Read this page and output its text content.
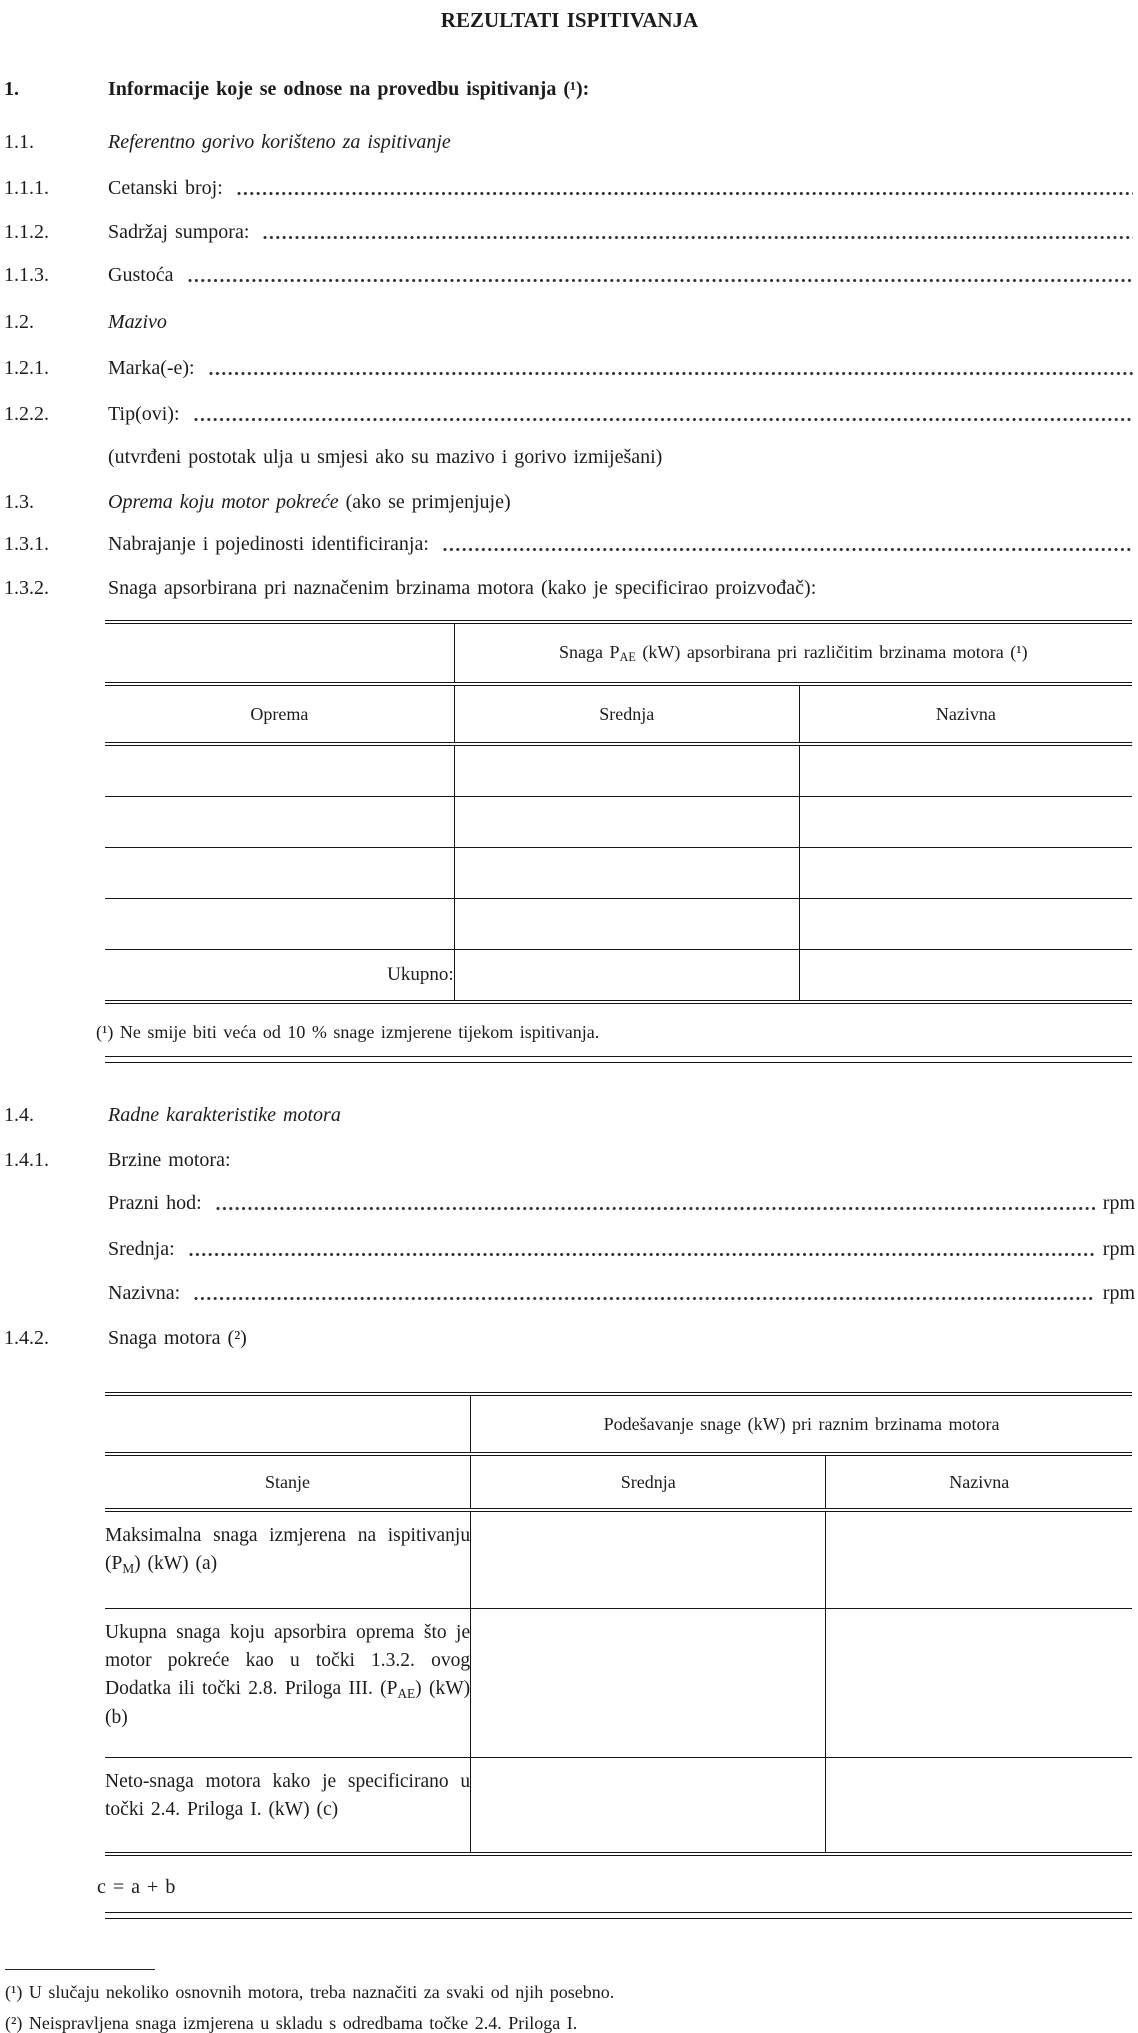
REZULTATI ISPITIVANJA
1.	Informacije koje se odnose na provedbu ispitivanja (¹):
1.1.	Referentno gorivo korišteno za ispitivanje
1.1.1.	Cetanski broj:
1.1.2.	Sadržaj sumpora:
1.1.3.	Gustoća
1.2.	Mazivo
1.2.1.	Marka(-e):
1.2.2.	Tip(ovi):
(utvrđeni postotak ulja u smjesi ako su mazivo i gorivo izmiješani)
1.3.	Oprema koju motor pokreće (ako se primjenjuje)
1.3.1.	Nabrajanje i pojedinosti identificiranja:
1.3.2.	Snaga apsorbirana pri naznačenim brzinama motora (kako je specificirao proizvođač):
	Snaga $P_{AE}$ (kW) apsorbirana pri različitim brzinama motora (¹)	
Oprema	Srednja	Nazivna

Ukupno:		
(¹) Ne smije biti veća od 10 % snage izmjerene tijekom ispitivanja.
1.4.	Radne karakteristike motora
1.4.1.	Brzine motora:
Prazni hod:	rpm
Srednja:	rpm
Nazivna:	rpm
1.4.2.	Snaga motora (²)
	Podešavanje snage (kW) pri raznim brzinama motora	
Stanje	Srednja	Nazivna
Maksimalna snaga izmjerena na ispitivanju $(P_M)$ (kW) (a)		
Ukupna snaga koju apsorbira oprema što je motor pokreće kao u točki 1.3.2. ovog Dodatka ili točki 2.8. Priloga III. $(P_{AE})$ (kW) (b)		
Neto-snaga motora kako je specificirano u točki 2.4. Priloga I. (kW) (c)		
c = a + b
(¹) U slučaju nekoliko osnovnih motora, treba naznačiti za svaki od njih posebno.
(²) Neispravljena snaga izmjerena u skladu s odredbama točke 2.4. Priloga I.
